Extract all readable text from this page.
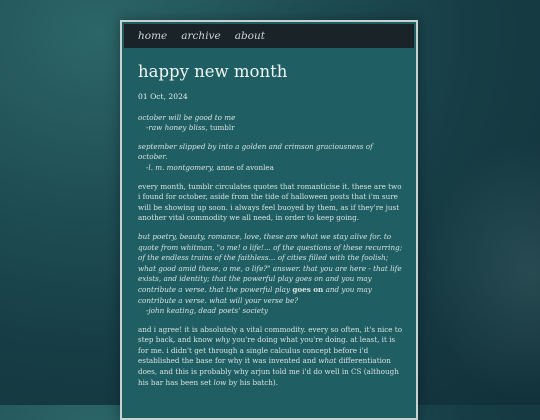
home archive about
happy new month
01 Oct, 2024
october will be good to me
-raw honey bliss, tumblr
september slipped by into a golden and crimson graciousness of october.
-l. m. montgomery, anne of avonlea

every month, tumblr circulates quotes that romanticise it. these are two i found for october, aside from the tide of halloween posts that i'm sure will be showing up soon. i always feel buoyed by them, as if they're just another vital commodity we all need, in order to keep going.

but poetry, beauty, romance, love, these are what we stay alive for. to quote from whitman, "o me! o life!... of the questions of these recurring; of the endless trains of the faithless... of cities filled with the foolish; what good amid these, o me, o life?" answer. that you are here - that life exists, and identity; that the powerful play goes on and you may contribute a verse. that the powerful play goes on and you may contribute a verse. what will your verse be?
-john keating, dead poets' society

and i agree! it is absolutely a vital commodity. every so often, it's nice to step back, and know why you're doing what you're doing. at least, it is for me. i didn't get through a single calculus concept before i'd established the base for why it was invented and what differentiation does, and this is probably why arjun told me i'd do well in CS (although his bar has been set low by his batch).
